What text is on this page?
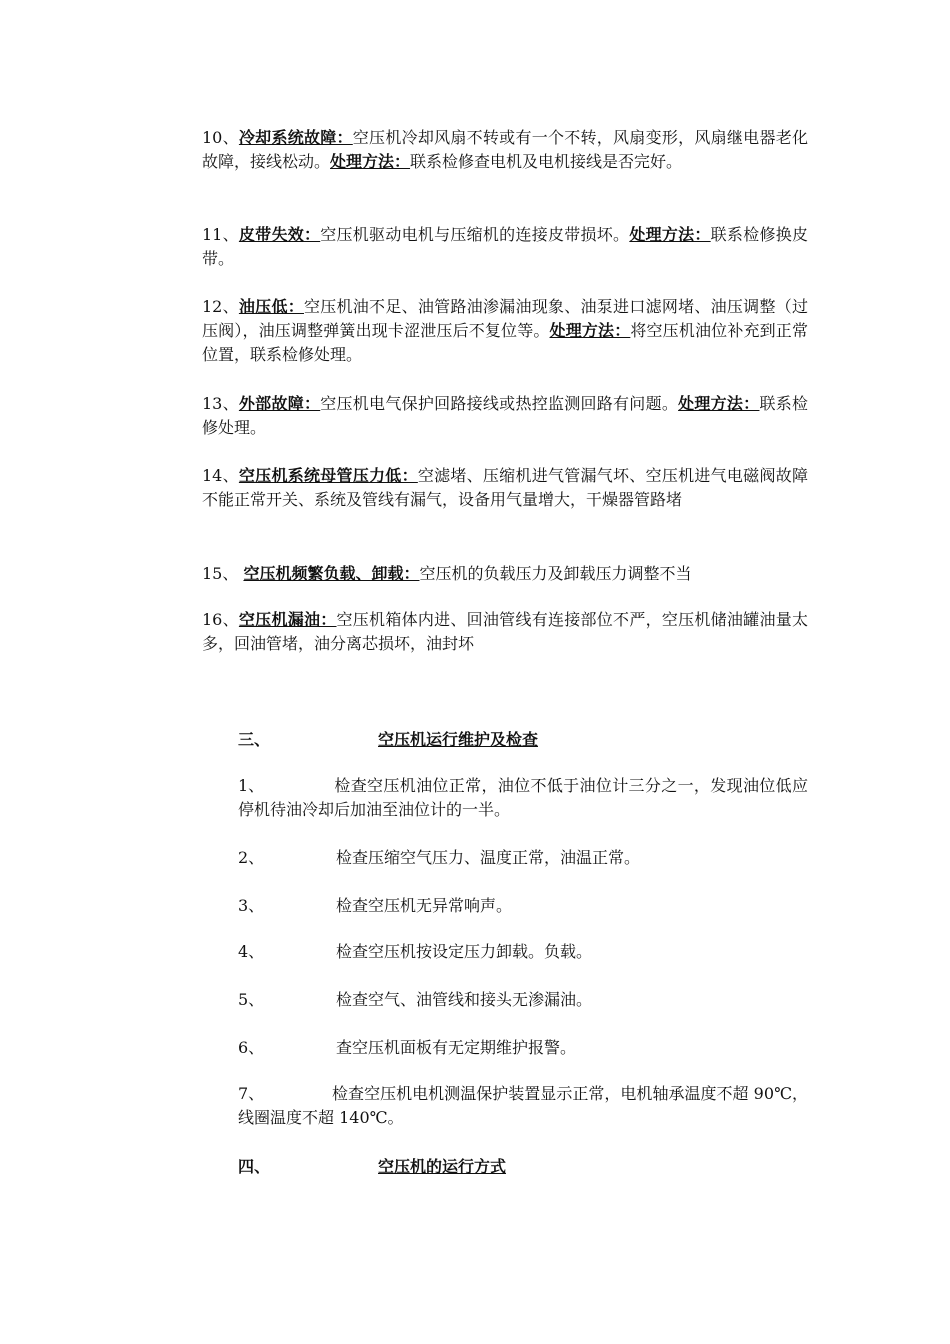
10、冷却系统故障：空压机冷却风扇不转或有一个不转，风扇变形，风扇继电器老化故障，接线松动。处理方法：联系检修查电机及电机接线是否完好。

11、皮带失效：空压机驱动电机与压缩机的连接皮带损坏。处理方法：联系检修换皮带。

12、油压低：空压机油不足、油管路油渗漏油现象、油泵进口滤网堵、油压调整（过压阀），油压调整弹簧出现卡涩泄压后不复位等。处理方法：将空压机油位补充到正常位置，联系检修处理。

13、外部故障：空压机电气保护回路接线或热控监测回路有问题。处理方法：联系检修处理。

14、空压机系统母管压力低：空滤堵、压缩机进气管漏气坏、空压机进气电磁阀故障不能正常开关、系统及管线有漏气，设备用气量增大，干燥器管路堵

15、 空压机频繁负载、卸载：空压机的负载压力及卸载压力调整不当

16、空压机漏油：空压机箱体内进、回油管线有连接部位不严，空压机储油罐油量太多，回油管堵，油分离芯损坏，油封坏

三、	空压机运行维护及检查

1、	检查空压机油位正常，油位不低于油位计三分之一，发现油位低应停机待油冷却后加油至油位计的一半。

2、	检查压缩空气压力、温度正常，油温正常。

3、	检查空压机无异常响声。

4、	检查空压机按设定压力卸载。负载。

5、	检查空气、油管线和接头无渗漏油。

6、	查空压机面板有无定期维护报警。

7、	检查空压机电机测温保护装置显示正常，电机轴承温度不超 90℃，线圈温度不超 140℃。

四、	空压机的运行方式
